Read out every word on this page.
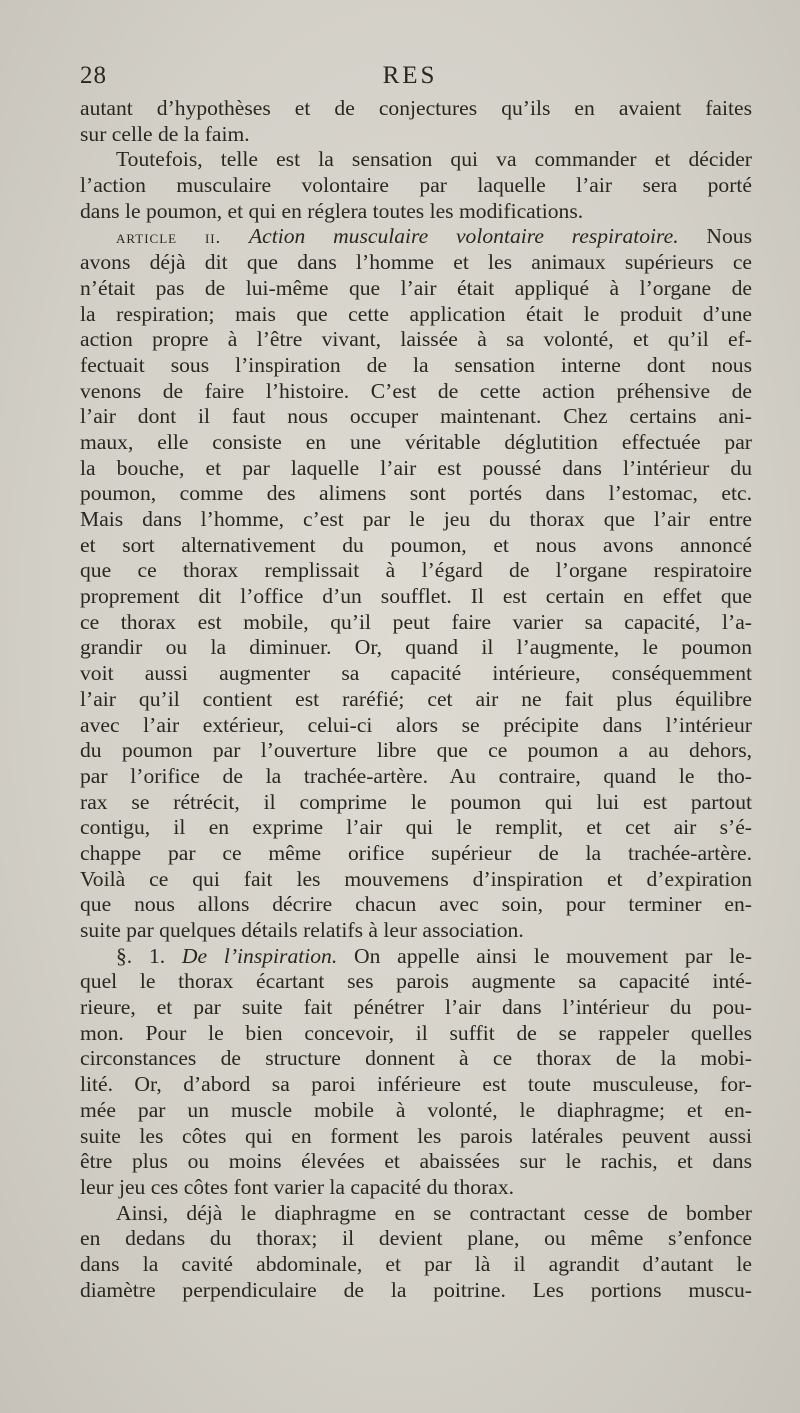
28	RES
autant d’hypothèses et de conjectures qu’ils en avaient faites
sur celle de la faim.
Toutefois, telle est la sensation qui va commander et décider
l’action musculaire volontaire par laquelle l’air sera porté
dans le poumon, et qui en réglera toutes les modifications.
article ii. Action musculaire volontaire respiratoire. Nous
avons déjà dit que dans l’homme et les animaux supérieurs ce
n’était pas de lui-même que l’air était appliqué à l’organe de
la respiration; mais que cette application était le produit d’une
action propre à l’être vivant, laissée à sa volonté, et qu’il ef-
fectuait sous l’inspiration de la sensation interne dont nous
venons de faire l’histoire. C’est de cette action préhensive de
l’air dont il faut nous occuper maintenant. Chez certains ani-
maux, elle consiste en une véritable déglutition effectuée par
la bouche, et par laquelle l’air est poussé dans l’intérieur du
poumon, comme des alimens sont portés dans l’estomac, etc.
Mais dans l’homme, c’est par le jeu du thorax que l’air entre
et sort alternativement du poumon, et nous avons annoncé
que ce thorax remplissait à l’égard de l’organe respiratoire
proprement dit l’office d’un soufflet. Il est certain en effet que
ce thorax est mobile, qu’il peut faire varier sa capacité, l’a-
grandir ou la diminuer. Or, quand il l’augmente, le poumon
voit aussi augmenter sa capacité intérieure, conséquemment
l’air qu’il contient est raréfié; cet air ne fait plus équilibre
avec l’air extérieur, celui-ci alors se précipite dans l’intérieur
du poumon par l’ouverture libre que ce poumon a au dehors,
par l’orifice de la trachée-artère. Au contraire, quand le tho-
rax se rétrécit, il comprime le poumon qui lui est partout
contigu, il en exprime l’air qui le remplit, et cet air s’é-
chappe par ce même orifice supérieur de la trachée-artère.
Voilà ce qui fait les mouvemens d’inspiration et d’expiration
que nous allons décrire chacun avec soin, pour terminer en-
suite par quelques détails relatifs à leur association.
§. 1. De l’inspiration. On appelle ainsi le mouvement par le-
quel le thorax écartant ses parois augmente sa capacité inté-
rieure, et par suite fait pénétrer l’air dans l’intérieur du pou-
mon. Pour le bien concevoir, il suffit de se rappeler quelles
circonstances de structure donnent à ce thorax de la mobi-
lité. Or, d’abord sa paroi inférieure est toute musculeuse, for-
mée par un muscle mobile à volonté, le diaphragme; et en-
suite les côtes qui en forment les parois latérales peuvent aussi
être plus ou moins élevées et abaissées sur le rachis, et dans
leur jeu ces côtes font varier la capacité du thorax.
Ainsi, déjà le diaphragme en se contractant cesse de bomber
en dedans du thorax; il devient plane, ou même s’enfonce
dans la cavité abdominale, et par là il agrandit d’autant le
diamètre perpendiculaire de la poitrine. Les portions muscu-
